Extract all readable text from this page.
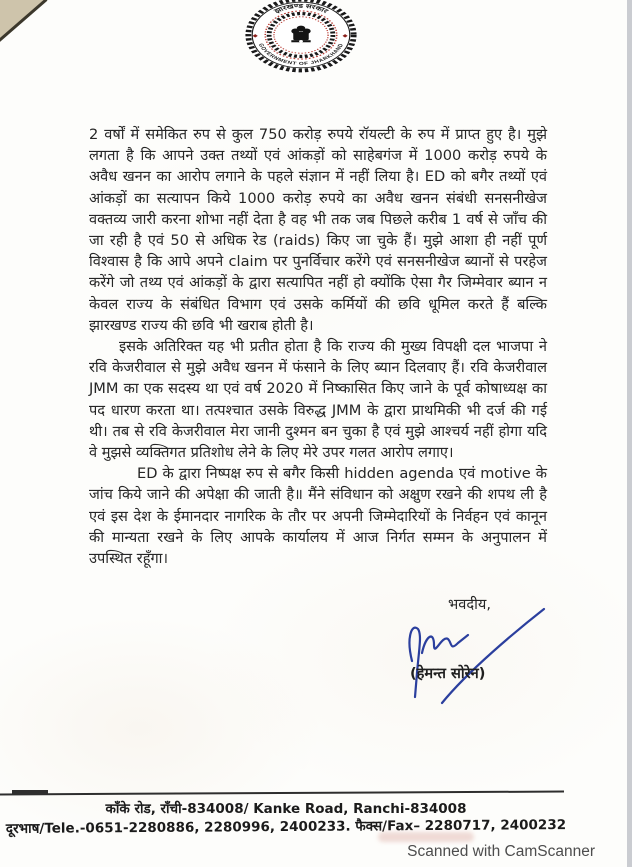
झारखण्ड सरकार
GOVERNMENT OF JHARKHAND
◆	◆

2 वर्षों में समेकित रुप से कुल 750 करोड़ रुपये रॉयल्टी के रुप में प्राप्त हुए है। मुझे लगता है कि आपने उक्त तथ्यों एवं आंकड़ों को साहेबगंज में 1000 करोड़ रुपये के अवैध खनन का आरोप लगाने के पहले संज्ञान में नहीं लिया है। ED को बगैर तथ्यों एवं आंकड़ों का सत्यापन किये 1000 करोड़ रुपये का अवैध खनन संबंधी सनसनीखेज वक्तव्य जारी करना शोभा नहीं देता है वह भी तक जब पिछले करीब 1 वर्ष से जाँच की जा रही है एवं 50 से अधिक रेड (raids) किए जा चुके हैं। मुझे आशा ही नहीं पूर्ण विश्वास है कि आपे अपने claim पर पुनर्विचार करेंगे एवं सनसनीखेज ब्यानों से परहेज करेंगे जो तथ्य एवं आंकड़ों के द्वारा सत्यापित नहीं हो क्योंकि ऐसा गैर जिम्मेवार ब्यान न केवल राज्य के संबंधित विभाग एवं उसके कर्मियों की छवि धूमिल करते हैं बल्कि झारखण्ड राज्य की छवि भी खराब होती है।

इसके अतिरिक्त यह भी प्रतीत होता है कि राज्य की मुख्य विपक्षी दल भाजपा ने रवि केजरीवाल से मुझे अवैध खनन में फंसाने के लिए ब्यान दिलवाए हैं। रवि केजरीवाल JMM का एक सदस्य था एवं वर्ष 2020 में निष्कासित किए जाने के पूर्व कोषाध्यक्ष का पद धारण करता था। तत्पश्चात उसके विरुद्ध JMM के द्वारा प्राथमिकी भी दर्ज की गई थी। तब से रवि केजरीवाल मेरा जानी दुश्मन बन चुका है एवं मुझे आश्चर्य नहीं होगा यदि वे मुझसे व्यक्तिगत प्रतिशोध लेने के लिए मेरे उपर गलत आरोप लगाए।

ED के द्वारा निष्पक्ष रुप से बगैर किसी hidden agenda एवं motive के जांच किये जाने की अपेक्षा की जाती है॥ मैंने संविधान को अक्षुण रखने की शपथ ली है एवं इस देश के ईमानदार नागरिक के तौर पर अपनी जिम्मेदारियों के निर्वहन एवं कानून की मान्यता रखने के लिए आपके कार्यालय में आज निर्गत सम्मन के अनुपालन में उपस्थित रहूँगा।

भवदीय,
(हेमन्त सोरेन)
काँके रोड, राँची-834008/ Kanke Road, Ranchi-834008
दूरभाष/Tele.-0651-2280886, 2280996, 2400233. फैक्स/Fax– 2280717, 2400232
Scanned with CamScanner
